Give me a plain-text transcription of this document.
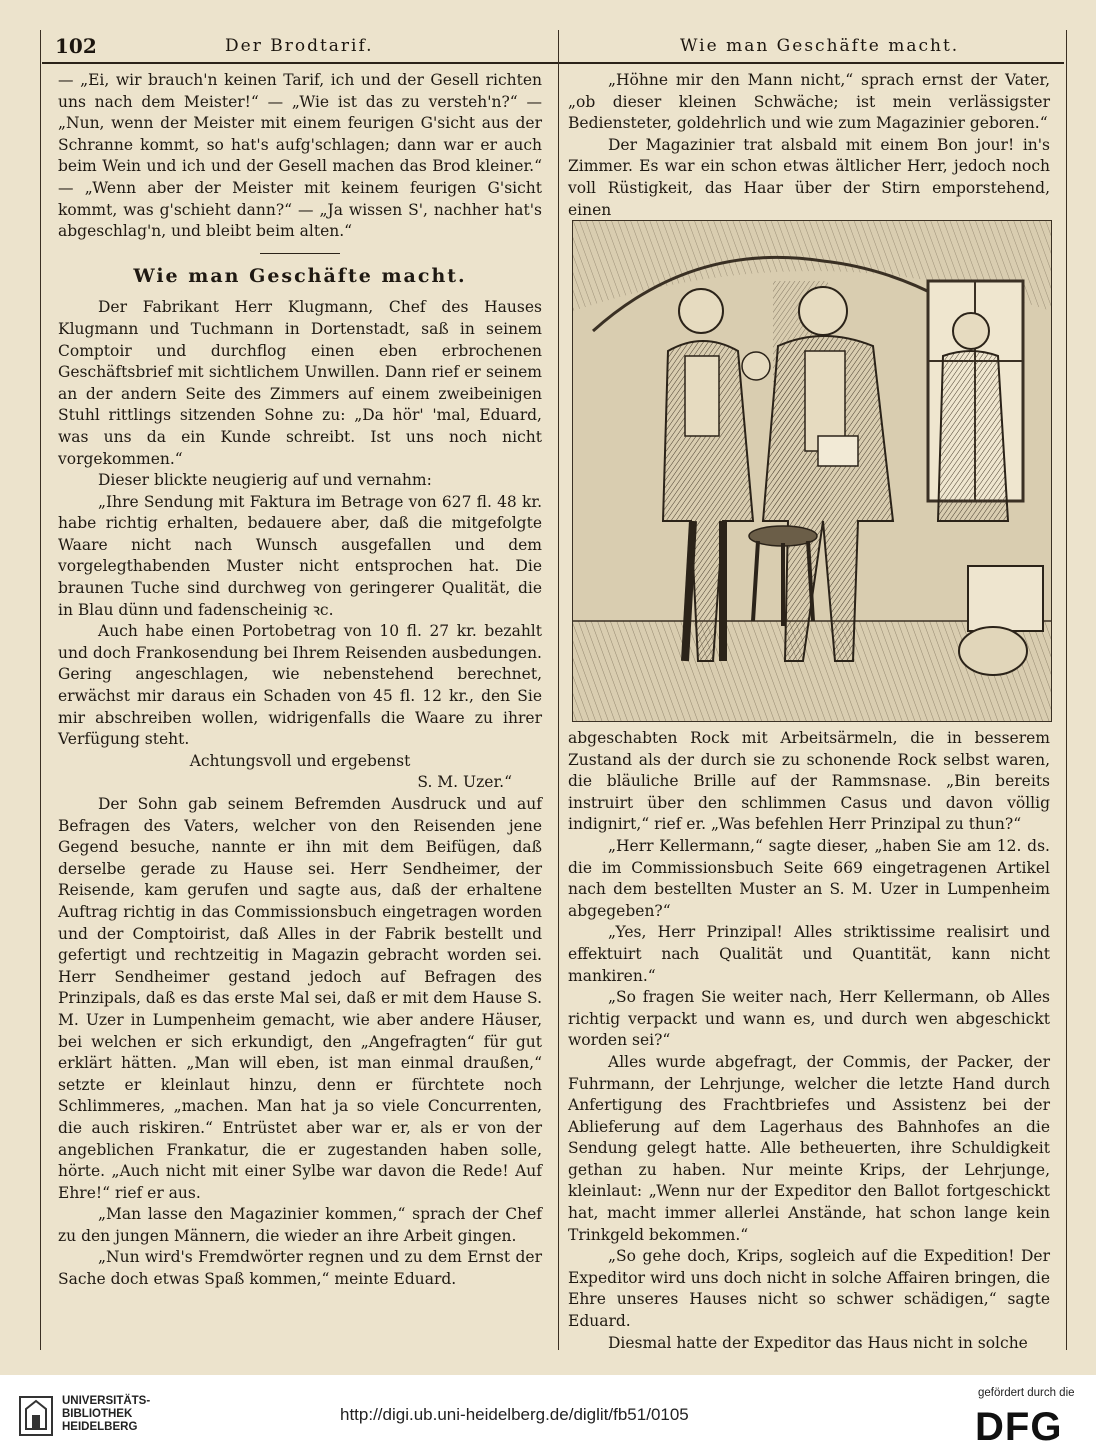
102	Der Brodtarif.	Wie man Geschäfte macht.

— „Ei, wir brauch'n keinen Tarif, ich und der Gesell richten uns nach dem Meister!“ — „Wie ist das zu versteh'n?“ — „Nun, wenn der Meister mit einem feurigen G'sicht aus der Schranne kommt, so hat's aufg'schlagen; dann war er auch beim Wein und ich und der Gesell machen das Brod kleiner.“ — „Wenn aber der Meister mit keinem feurigen G'sicht kommt, was g'schieht dann?“ — „Ja wissen S', nachher hat's abgeschlag'n, und bleibt beim alten.“

Wie man Geschäfte macht.

Der Fabrikant Herr Klugmann, Chef des Hauses Klugmann und Tuchmann in Dortenstadt, saß in seinem Comptoir und durchflog einen eben erbrochenen Geschäftsbrief mit sichtlichem Unwillen. Dann rief er seinem an der andern Seite des Zimmers auf einem zweibeinigen Stuhl rittlings sitzenden Sohne zu: „Da hör' 'mal, Eduard, was uns da ein Kunde schreibt. Ist uns noch nicht vorgekommen.“

Dieser blickte neugierig auf und vernahm:

„Ihre Sendung mit Faktura im Betrage von 627 fl. 48 kr. habe richtig erhalten, bedauere aber, daß die mitgefolgte Waare nicht nach Wunsch ausgefallen und dem vorgelegthabenden Muster nicht entsprochen hat. Die braunen Tuche sind durchweg von geringerer Qualität, die in Blau dünn und fadenscheinig ꝛc.

Auch habe einen Portobetrag von 10 fl. 27 kr. bezahlt und doch Frankosendung bei Ihrem Reisenden ausbedungen. Gering angeschlagen, wie nebenstehend berechnet, erwächst mir daraus ein Schaden von 45 fl. 12 kr., den Sie mir abschreiben wollen, widrigenfalls die Waare zu ihrer Verfügung steht.

Achtungsvoll und ergebenst

S. M. Uzer.“

Der Sohn gab seinem Befremden Ausdruck und auf Befragen des Vaters, welcher von den Reisenden jene Gegend besuche, nannte er ihn mit dem Beifügen, daß derselbe gerade zu Hause sei. Herr Sendheimer, der Reisende, kam gerufen und sagte aus, daß der erhaltene Auftrag richtig in das Commissionsbuch eingetragen worden und der Comptoirist, daß Alles in der Fabrik bestellt und gefertigt und rechtzeitig in Magazin gebracht worden sei. Herr Sendheimer gestand jedoch auf Befragen des Prinzipals, daß es das erste Mal sei, daß er mit dem Hause S. M. Uzer in Lumpenheim gemacht, wie aber andere Häuser, bei welchen er sich erkundigt, den „Angefragten“ für gut erklärt hätten. „Man will eben, ist man einmal draußen,“ setzte er kleinlaut hinzu, denn er fürchtete noch Schlimmeres, „machen. Man hat ja so viele Concurrenten, die auch riskiren.“ Entrüstet aber war er, als er von der angeblichen Frankatur, die er zugestanden haben solle, hörte. „Auch nicht mit einer Sylbe war davon die Rede! Auf Ehre!“ rief er aus.

„Man lasse den Magazinier kommen,“ sprach der Chef zu den jungen Männern, die wieder an ihre Arbeit gingen.

„Nun wird's Fremdwörter regnen und zu dem Ernst der Sache doch etwas Spaß kommen,“ meinte Eduard.

„Höhne mir den Mann nicht,“ sprach ernst der Vater, „ob dieser kleinen Schwäche; ist mein verlässigster Bediensteter, goldehrlich und wie zum Magazinier geboren.“

Der Magazinier trat alsbald mit einem Bon jour! in's Zimmer. Es war ein schon etwas ältlicher Herr, jedoch noch voll Rüstigkeit, das Haar über der Stirn emporstehend, einen

abgeschabten Rock mit Arbeitsärmeln, die in besserem Zustand als der durch sie zu schonende Rock selbst waren, die bläuliche Brille auf der Rammsnase. „Bin bereits instruirt über den schlimmen Casus und davon völlig indignirt,“ rief er. „Was befehlen Herr Prinzipal zu thun?“

„Herr Kellermann,“ sagte dieser, „haben Sie am 12. ds. die im Commissionsbuch Seite 669 eingetragenen Artikel nach dem bestellten Muster an S. M. Uzer in Lumpenheim abgegeben?“

„Yes, Herr Prinzipal! Alles striktissime realisirt und effektuirt nach Qualität und Quantität, kann nicht mankiren.“

„So fragen Sie weiter nach, Herr Kellermann, ob Alles richtig verpackt und wann es, und durch wen abgeschickt worden sei?“

Alles wurde abgefragt, der Commis, der Packer, der Fuhrmann, der Lehrjunge, welcher die letzte Hand durch Anfertigung des Frachtbriefes und Assistenz bei der Ablieferung auf dem Lagerhaus des Bahnhofes an die Sendung gelegt hatte. Alle betheuerten, ihre Schuldigkeit gethan zu haben. Nur meinte Krips, der Lehrjunge, kleinlaut: „Wenn nur der Expeditor den Ballot fortgeschickt hat, macht immer allerlei Anstände, hat schon lange kein Trinkgeld bekommen.“

„So gehe doch, Krips, sogleich auf die Expedition! Der Expeditor wird uns doch nicht in solche Affairen bringen, die Ehre unseres Hauses nicht so schwer schädigen,“ sagte Eduard.

Diesmal hatte der Expeditor das Haus nicht in solche

UNIVERSITÄTS-
BIBLIOTHEK
HEIDELBERG
http://digi.ub.uni-heidelberg.de/diglit/fb51/0105
gefördert durch die
DFG
